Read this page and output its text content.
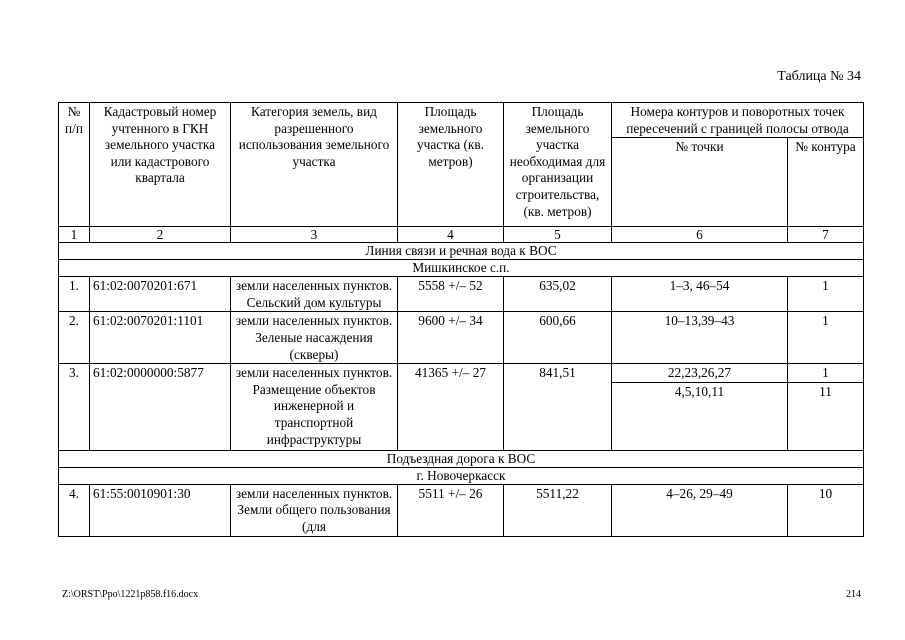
Таблица № 34
№ п/п	Кадастровый номер учтенного в ГКН земельного участка или кадастрового квартала	Категория земель, вид разрешенного использования земельного участка	Площадь земельного участка (кв. метров)	Площадь земельного участка необходимая для организации строительства, (кв. метров)	Номера контуров и поворотных точек пересечений с границей полосы отвода	
					№ точки	№ контура
1	2	3	4	5	6	7
Линия связи и речная вода к ВОС						
Мишкинское с.п.						
1.	61:02:0070201:671	земли населенных пунктов. Сельский дом культуры	5558 +/– 52	635,02	1–3, 46–54	1
2.	61:02:0070201:1101	земли населенных пунктов. Зеленые насаждения (скверы)	9600 +/– 34	600,66	10–13,39–43	1
3.	61:02:0000000:5877	земли населенных пунктов. Размещение объектов инженерной и транспортной инфраструктуры	41365 +/– 27	841,51	22,23,26,27	1
					4,5,10,11	11
Подъездная дорога к ВОС						
г. Новочеркасск						
4.	61:55:0010901:30	земли населенных пунктов. Земли общего пользования (для	5511 +/– 26	5511,22	4–26, 29–49	10
Z:\ORST\Ppo\1221p858.f16.docx	214
